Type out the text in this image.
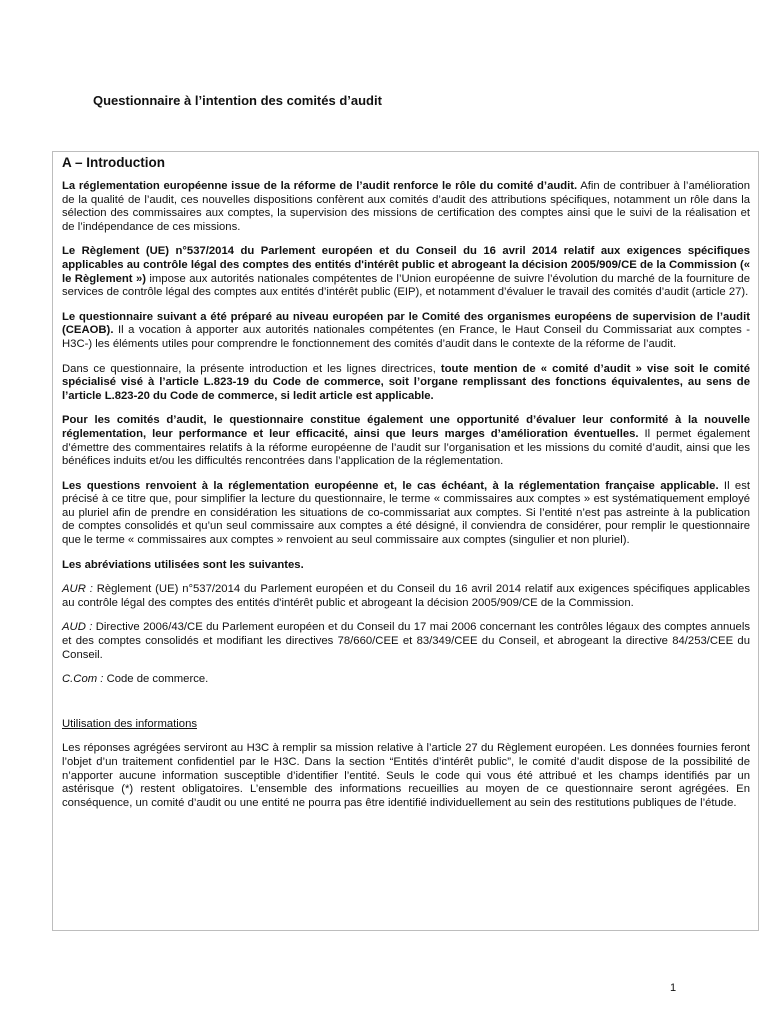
Questionnaire à l’intention des comités d’audit
A – Introduction

La réglementation européenne issue de la réforme de l’audit renforce le rôle du comité d’audit. Afin de contribuer à l’amélioration de la qualité de l’audit, ces nouvelles dispositions confèrent aux comités d’audit des attributions spécifiques, notamment un rôle dans la sélection des commissaires aux comptes, la supervision des missions de certification des comptes ainsi que le suivi de la réalisation et de l’indépendance de ces missions.

Le Règlement (UE) n°537/2014 du Parlement européen et du Conseil du 16 avril 2014 relatif aux exigences spécifiques applicables au contrôle légal des comptes des entités d'intérêt public et abrogeant la décision 2005/909/CE de la Commission (« le Règlement ») impose aux autorités nationales compétentes de l’Union européenne de suivre l’évolution du marché de la fourniture de services de contrôle légal des comptes aux entités d’intérêt public (EIP), et notamment d’évaluer le travail des comités d’audit (article 27).

Le questionnaire suivant a été préparé au niveau européen par le Comité des organismes européens de supervision de l’audit (CEAOB). Il a vocation à apporter aux autorités nationales compétentes (en France, le Haut Conseil du Commissariat aux comptes -H3C-) les éléments utiles pour comprendre le fonctionnement des comités d’audit dans le contexte de la réforme de l’audit.

Dans ce questionnaire, la présente introduction et les lignes directrices, toute mention de « comité d’audit » vise soit le comité spécialisé visé à l’article L.823-19 du Code de commerce, soit l’organe remplissant des fonctions équivalentes, au sens de l’article L.823-20 du Code de commerce, si ledit article est applicable.

Pour les comités d’audit, le questionnaire constitue également une opportunité d’évaluer leur conformité à la nouvelle réglementation, leur performance et leur efficacité, ainsi que leurs marges d’amélioration éventuelles. Il permet également d’émettre des commentaires relatifs à la réforme européenne de l’audit sur l’organisation et les missions du comité d’audit, ainsi que les bénéfices induits et/ou les difficultés rencontrées dans l’application de la réglementation.

Les questions renvoient à la réglementation européenne et, le cas échéant, à la réglementation française applicable. Il est précisé à ce titre que, pour simplifier la lecture du questionnaire, le terme « commissaires aux comptes » est systématiquement employé au pluriel afin de prendre en considération les situations de co-commissariat aux comptes. Si l’entité n’est pas astreinte à la publication de comptes consolidés et qu’un seul commissaire aux comptes a été désigné, il conviendra de considérer, pour remplir le questionnaire que le terme « commissaires aux comptes » renvoient au seul commissaire aux comptes (singulier et non pluriel).

Les abréviations utilisées sont les suivantes.

AUR : Règlement (UE) n°537/2014 du Parlement européen et du Conseil du 16 avril 2014 relatif aux exigences spécifiques applicables au contrôle légal des comptes des entités d'intérêt public et abrogeant la décision 2005/909/CE de la Commission.

AUD : Directive 2006/43/CE du Parlement européen et du Conseil du 17 mai 2006 concernant les contrôles légaux des comptes annuels et des comptes consolidés et modifiant les directives 78/660/CEE et 83/349/CEE du Conseil, et abrogeant la directive 84/253/CEE du Conseil.

C.Com : Code de commerce.

Utilisation des informations

Les réponses agrégées serviront au H3C à remplir sa mission relative à l’article 27 du Règlement européen. Les données fournies feront l’objet d’un traitement confidentiel par le H3C. Dans la section “Entités d’intérêt public”, le comité d’audit dispose de la possibilité de n’apporter aucune information susceptible d’identifier l’entité. Seuls le code qui vous été attribué et les champs identifiés par un astérisque (*) restent obligatoires. L’ensemble des informations recueillies au moyen de ce questionnaire seront agrégées. En conséquence, un comité d’audit ou une entité ne pourra pas être identifié individuellement au sein des restitutions publiques de l’étude.

1
